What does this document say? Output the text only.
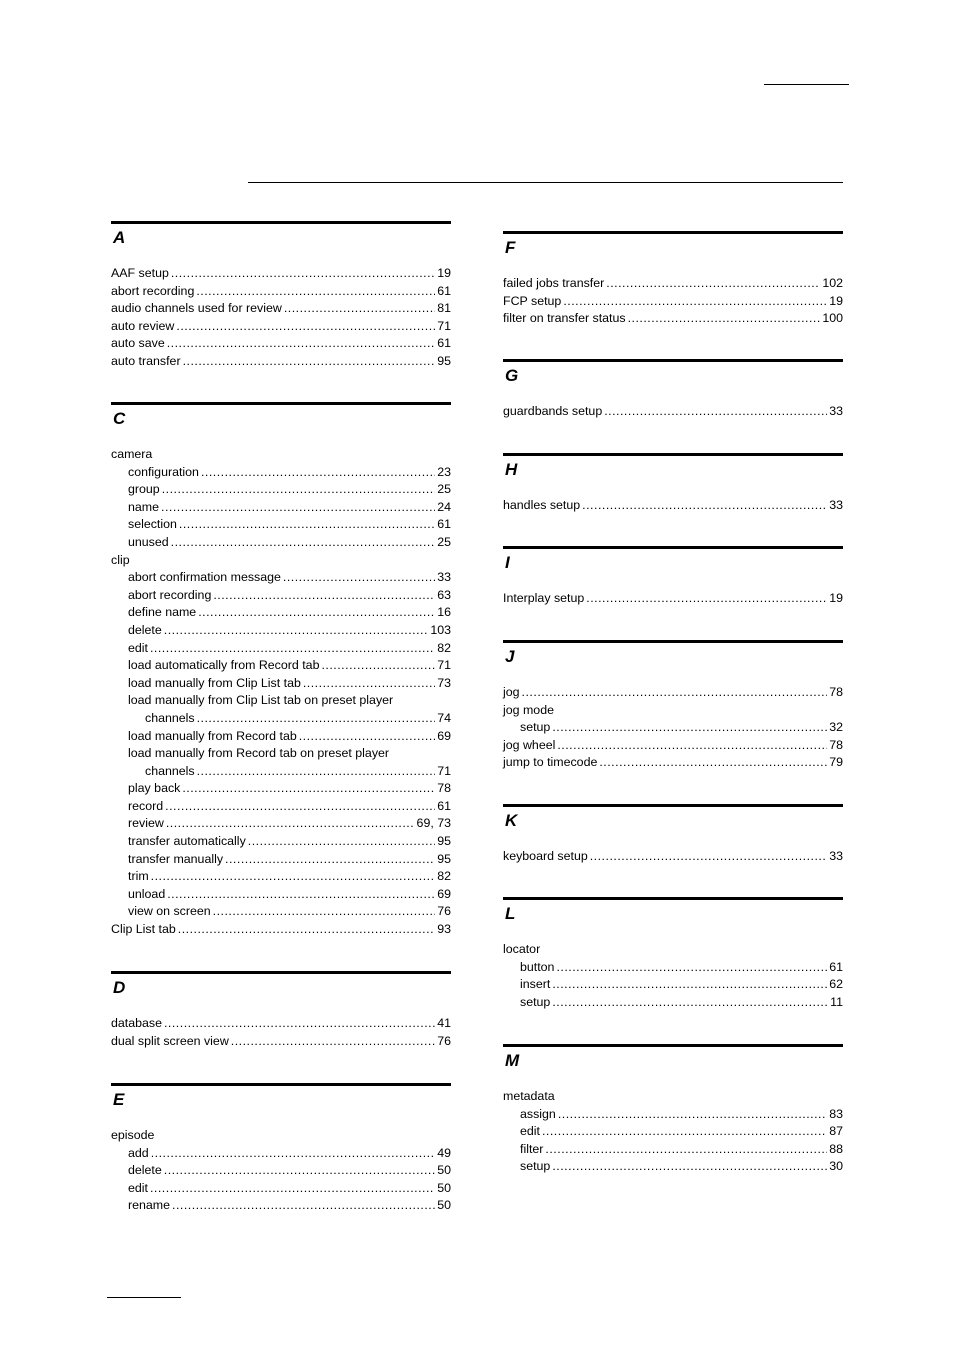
A
AAF setup .....	19
abort recording .....	61
audio channels used for review .....	81
auto review .....	71
auto save .....	61
auto transfer .....	95
C
camera
configuration .....	23
group .....	25
name .....	24
selection .....	61
unused .....	25
clip
abort confirmation message .....	33
abort recording .....	63
define name .....	16
delete .....	103
edit .....	82
load automatically from Record tab .....	71
load manually from Clip List tab .....	73
load manually from Clip List tab on preset player
channels .....	74
load manually from Record tab .....	69
load manually from Record tab on preset player
channels .....	71
play back .....	78
record .....	61
review .....	69, 73
transfer automatically .....	95
transfer manually .....	95
trim .....	82
unload .....	69
view on screen .....	76
Clip List tab .....	93
D
database .....	41
dual split screen view .....	76
E
episode
add .....	49
delete .....	50
edit .....	50
rename .....	50
F
failed jobs transfer .....	102
FCP setup .....	19
filter on transfer status .....	100
G
guardbands setup .....	33
H
handles setup .....	33
I
Interplay setup .....	19
J
jog .....	78
jog mode
setup .....	32
jog wheel .....	78
jump to timecode .....	79
K
keyboard setup .....	33
L
locator
button .....	61
insert .....	62
setup .....	11
M
metadata
assign .....	83
edit .....	87
filter .....	88
setup .....	30
